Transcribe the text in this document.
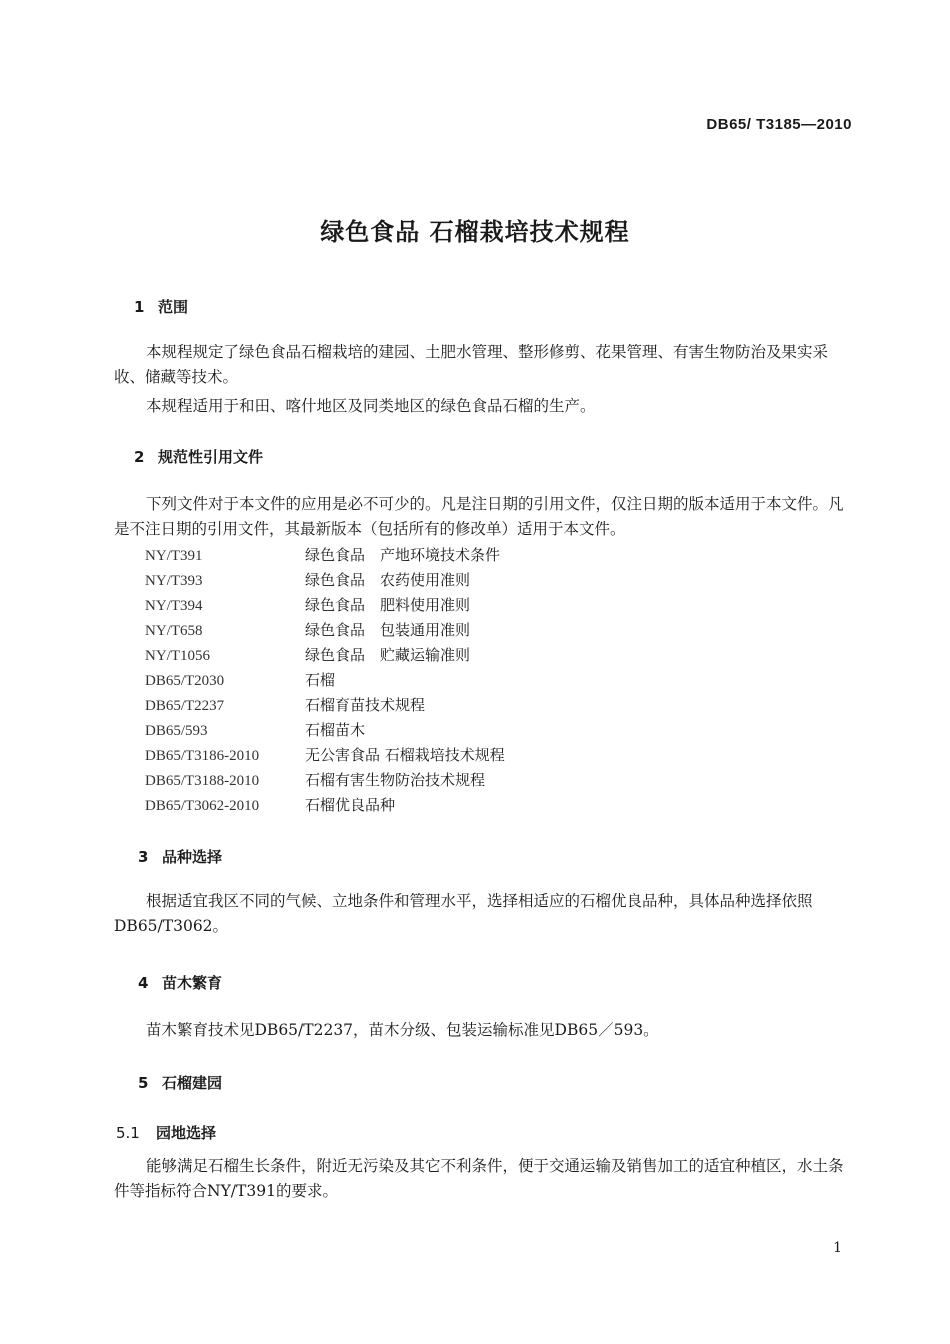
DB65/ T3185—2010
绿色食品 石榴栽培技术规程
1 范围
本规程规定了绿色食品石榴栽培的建园、土肥水管理、整形修剪、花果管理、有害生物防治及果实采收、储藏等技术。
本规程适用于和田、喀什地区及同类地区的绿色食品石榴的生产。
2 规范性引用文件
下列文件对于本文件的应用是必不可少的。凡是注日期的引用文件，仅注日期的版本适用于本文件。凡是不注日期的引用文件，其最新版本（包括所有的修改单）适用于本文件。
NY/T391	绿色食品　产地环境技术条件
NY/T393	绿色食品　农药使用准则
NY/T394	绿色食品　肥料使用准则
NY/T658	绿色食品　包装通用准则
NY/T1056	绿色食品　贮藏运输准则
DB65/T2030	石榴
DB65/T2237	石榴育苗技术规程
DB65/593	石榴苗木
DB65/T3186-2010	无公害食品 石榴栽培技术规程
DB65/T3188-2010	石榴有害生物防治技术规程
DB65/T3062-2010	石榴优良品种
3 品种选择
根据适宜我区不同的气候、立地条件和管理水平，选择相适应的石榴优良品种，具体品种选择依照DB65/T3062。
4 苗木繁育
苗木繁育技术见DB65/T2237，苗木分级、包装运输标准见DB65／593。
5 石榴建园
5.1 园地选择
能够满足石榴生长条件，附近无污染及其它不利条件，便于交通运输及销售加工的适宜种植区，水土条件等指标符合NY/T391的要求。
1
